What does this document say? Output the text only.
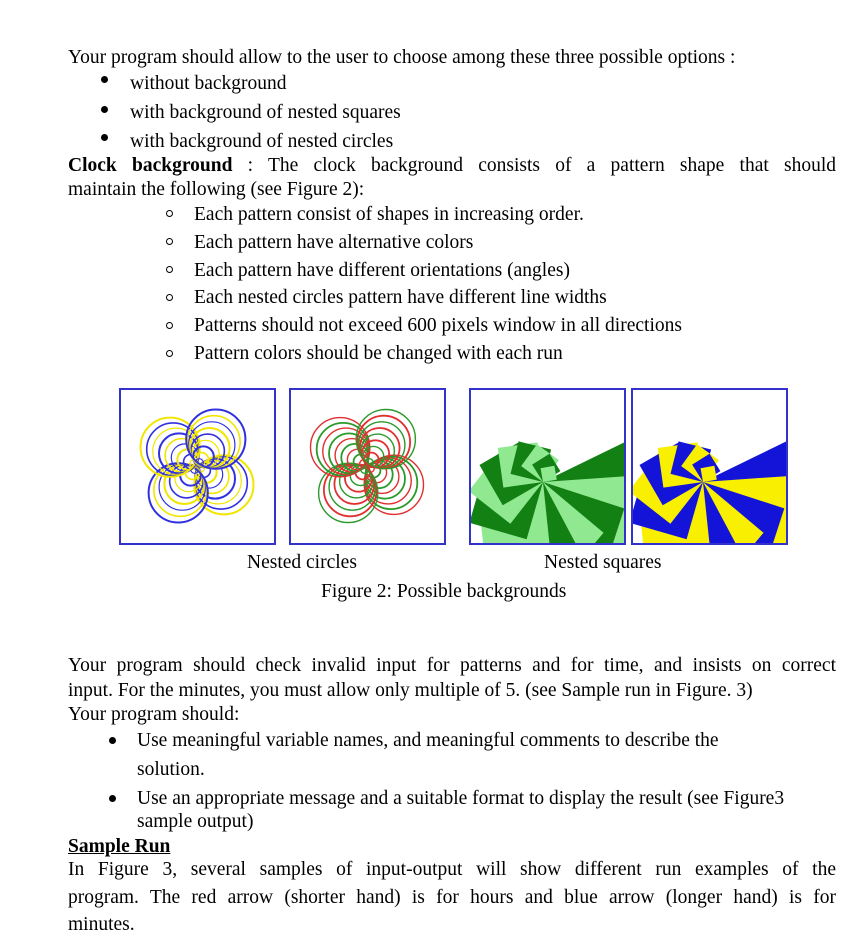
Your program should allow to the user to choose among these three possible options :
without background
with background of nested squares
with background of nested circles
Clock background : The clock background consists of a pattern shape that should
maintain the following (see Figure 2):
Each pattern consist of shapes in increasing order.
Each pattern have alternative colors
Each pattern have different orientations (angles)
Each nested circles pattern have different line widths
Patterns should not exceed 600 pixels window in all directions
Pattern colors should be changed with each run
Nested circles	Nested squares
Figure 2: Possible backgrounds
Your program should check invalid input for patterns and for time, and insists on correct
input. For the minutes, you must allow only multiple of 5. (see Sample run in Figure. 3)
Your program should:
Use meaningful variable names, and meaningful comments to describe the
solution.
Use an appropriate message and a suitable format to display the result (see Figure3
sample output)
Sample Run
In Figure 3, several samples of input-output will show different run examples of the
program. The red arrow (shorter hand) is for hours and blue arrow (longer hand) is for
minutes.
